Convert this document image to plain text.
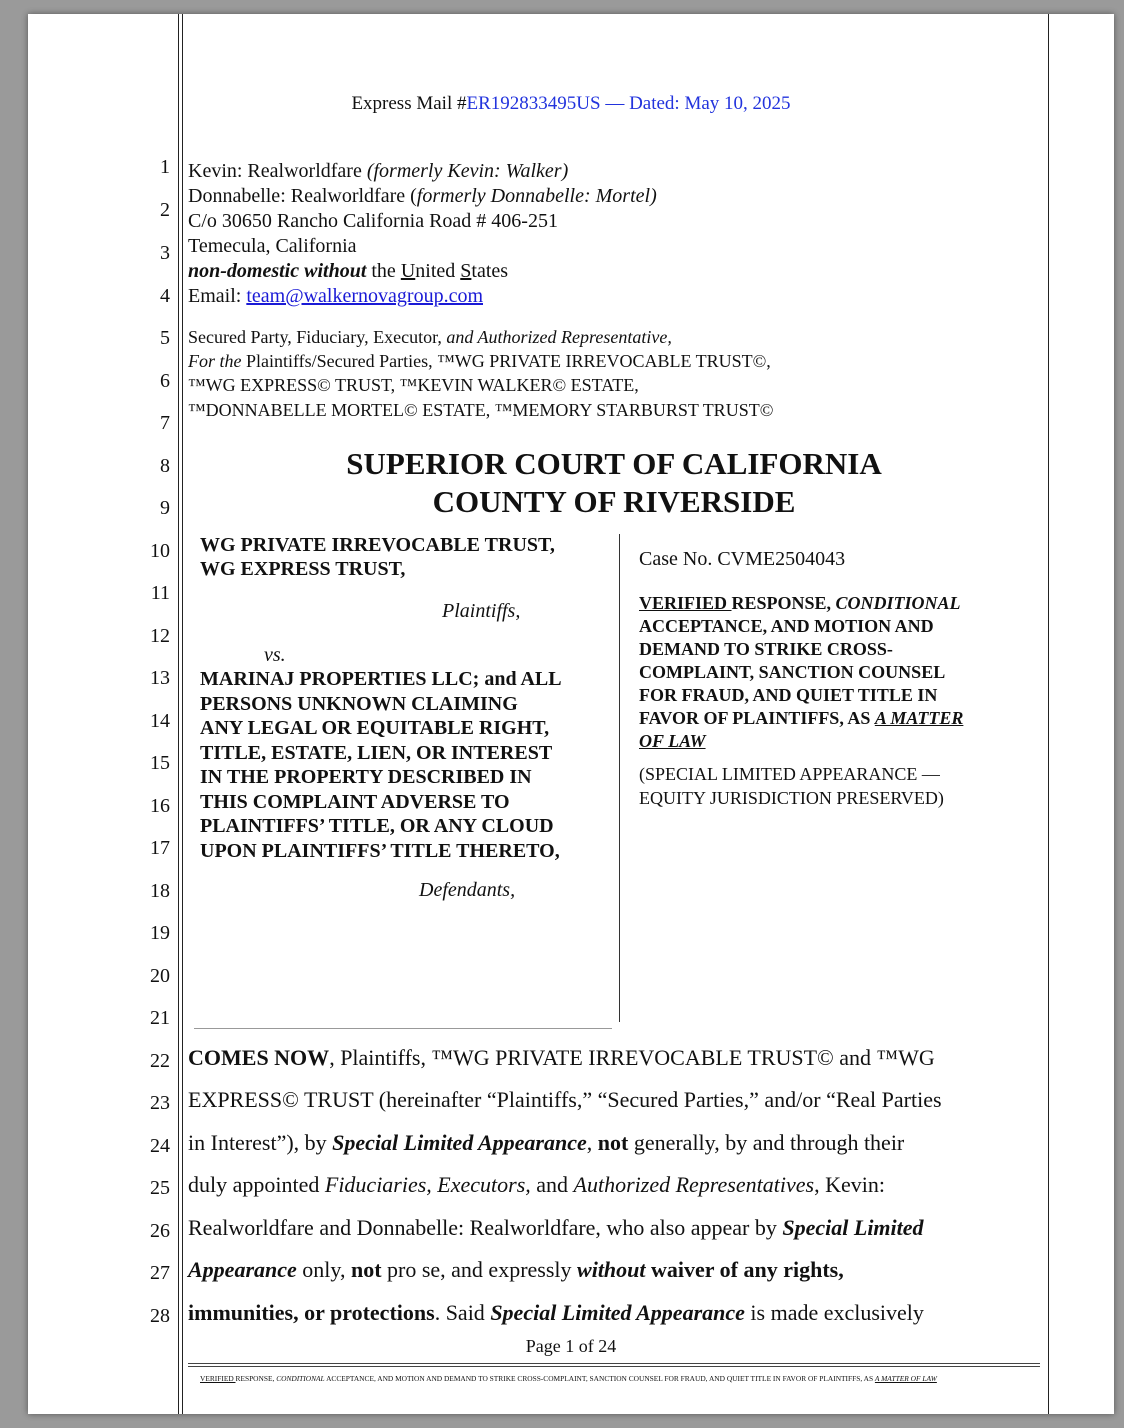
Express Mail #ER192833495US — Dated: May 10, 2025
1
2
3
4
5
6
7
8
9
10
11
12
13
14
15
16
17
18
19
20
21
22
23
24
25
26
27
28
Kevin: Realworldfare (formerly Kevin: Walker)
Donnabelle: Realworldfare (formerly Donnabelle: Mortel)
C/o 30650 Rancho California Road # 406-251
Temecula, California
non-domestic without the United States
Email: team@walkernovagroup.com
Secured Party, Fiduciary, Executor, and Authorized Representative,
For the Plaintiffs/Secured Parties, ™WG PRIVATE IRREVOCABLE TRUST©,
™WG EXPRESS© TRUST, ™KEVIN WALKER© ESTATE,
™DONNABELLE MORTEL© ESTATE, ™MEMORY STARBURST TRUST©
SUPERIOR COURT OF CALIFORNIA
COUNTY OF RIVERSIDE
WG PRIVATE IRREVOCABLE TRUST,
WG EXPRESS TRUST,
Plaintiffs,
vs.
MARINAJ PROPERTIES LLC; and ALL
PERSONS UNKNOWN CLAIMING
ANY LEGAL OR EQUITABLE RIGHT,
TITLE, ESTATE, LIEN, OR INTEREST
IN THE PROPERTY DESCRIBED IN
THIS COMPLAINT ADVERSE TO
PLAINTIFFS’ TITLE, OR ANY CLOUD
UPON PLAINTIFFS’ TITLE THERETO,
Defendants,
Case No. CVME2504043
VERIFIED RESPONSE, CONDITIONAL
ACCEPTANCE, AND MOTION AND
DEMAND TO STRIKE CROSS-
COMPLAINT, SANCTION COUNSEL
FOR FRAUD, AND QUIET TITLE IN
FAVOR OF PLAINTIFFS, AS A MATTER
OF LAW
(SPECIAL LIMITED APPEARANCE —
EQUITY JURISDICTION PRESERVED)
COMES NOW, Plaintiffs, ™WG PRIVATE IRREVOCABLE TRUST© and ™WG
EXPRESS© TRUST (hereinafter “Plaintiffs,” “Secured Parties,” and/or “Real Parties
in Interest”), by Special Limited Appearance, not generally, by and through their
duly appointed Fiduciaries, Executors, and Authorized Representatives, Kevin:
Realworldfare and Donnabelle: Realworldfare, who also appear by Special Limited
Appearance only, not pro se, and expressly without waiver of any rights,
immunities, or protections. Said Special Limited Appearance is made exclusively
Page 1 of 24
VERIFIED RESPONSE, CONDITIONAL ACCEPTANCE, AND MOTION AND DEMAND TO STRIKE CROSS-COMPLAINT, SANCTION COUNSEL FOR FRAUD, AND QUIET TITLE IN FAVOR OF PLAINTIFFS, AS A MATTER OF LAW
